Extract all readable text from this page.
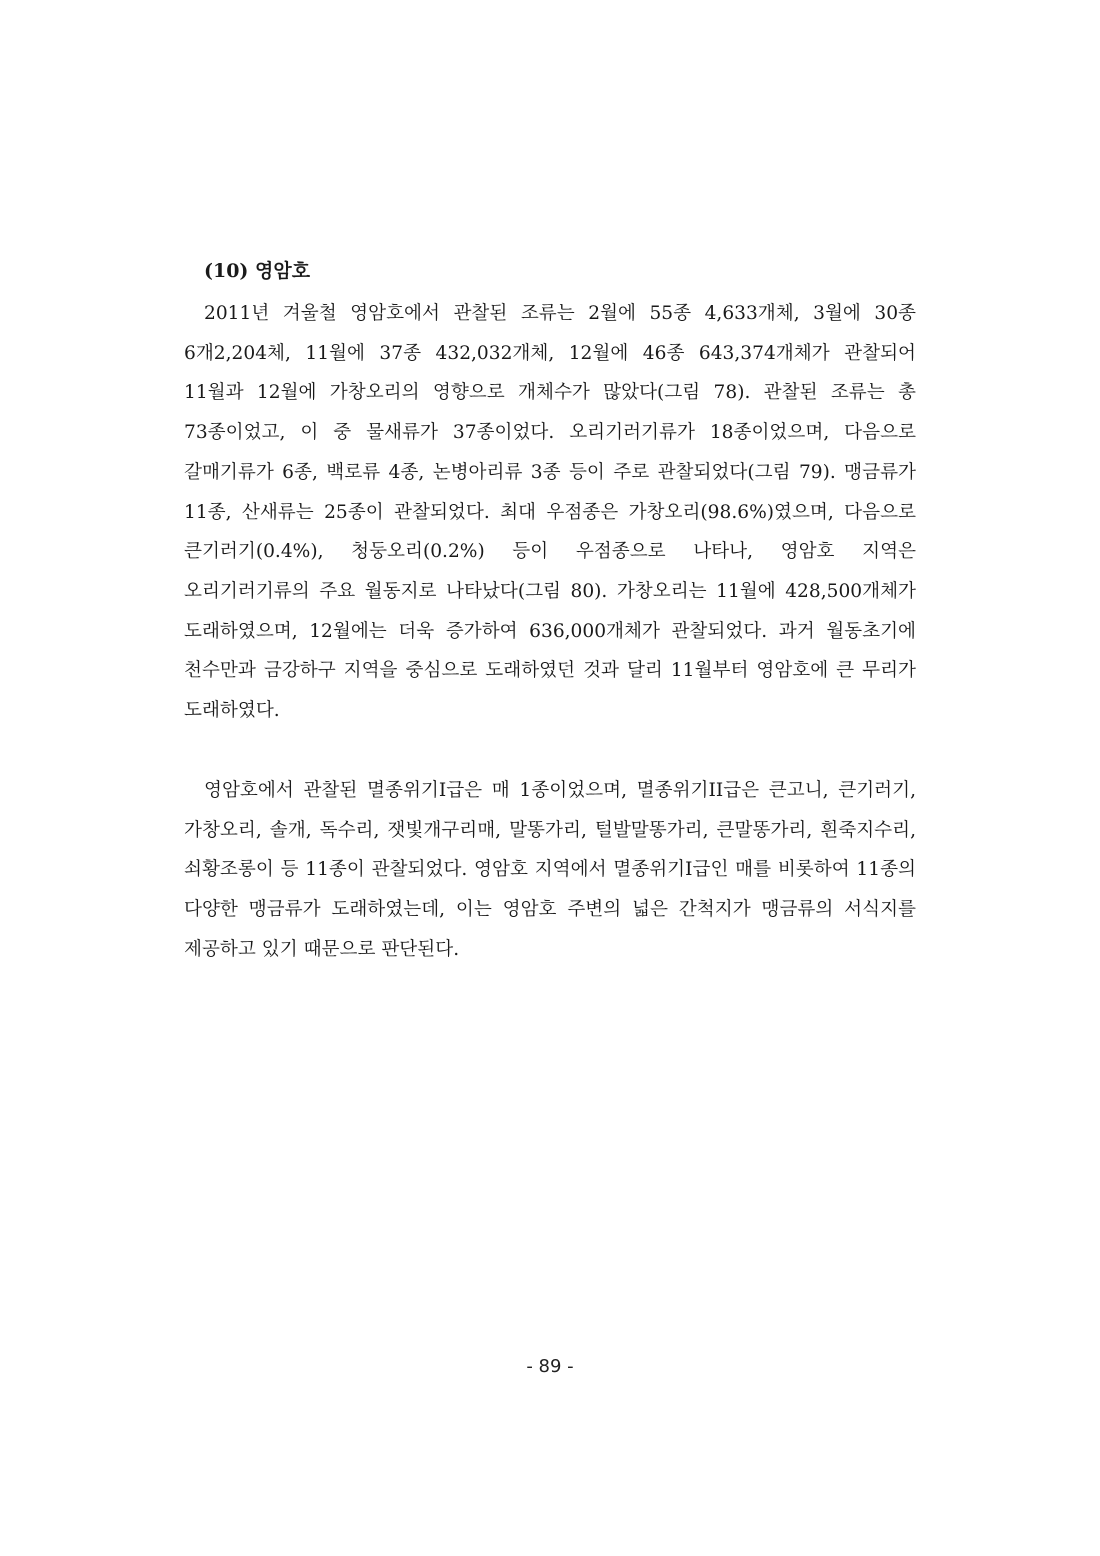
(10) 영암호

2011년 겨울철 영암호에서 관찰된 조류는 2월에 55종 4,633개체, 3월에 30종 6개2,204체, 11월에 37종 432,032개체, 12월에 46종 643,374개체가 관찰되어 11월과 12월에 가창오리의 영향으로 개체수가 많았다(그림 78). 관찰된 조류는 총 73종이었고, 이 중 물새류가 37종이었다. 오리기러기류가 18종이었으며, 다음으로 갈매기류가 6종, 백로류 4종, 논병아리류 3종 등이 주로 관찰되었다(그림 79). 맹금류가 11종, 산새류는 25종이 관찰되었다. 최대 우점종은 가창오리(98.6%)였으며, 다음으로 큰기러기(0.4%), 청둥오리(0.2%) 등이 우점종으로 나타나, 영암호 지역은 오리기러기류의 주요 월동지로 나타났다(그림 80). 가창오리는 11월에 428,500개체가 도래하였으며, 12월에는 더욱 증가하여 636,000개체가 관찰되었다. 과거 월동초기에 천수만과 금강하구 지역을 중심으로 도래하였던 것과 달리 11월부터 영암호에 큰 무리가 도래하였다.

영암호에서 관찰된 멸종위기I급은 매 1종이었으며, 멸종위기II급은 큰고니, 큰기러기, 가창오리, 솔개, 독수리, 잿빛개구리매, 말똥가리, 털발말똥가리, 큰말똥가리, 흰죽지수리, 쇠황조롱이 등 11종이 관찰되었다. 영암호 지역에서 멸종위기I급인 매를 비롯하여 11종의 다양한 맹금류가 도래하였는데, 이는 영암호 주변의 넓은 간척지가 맹금류의 서식지를 제공하고 있기 때문으로 판단된다.

- 89 -
